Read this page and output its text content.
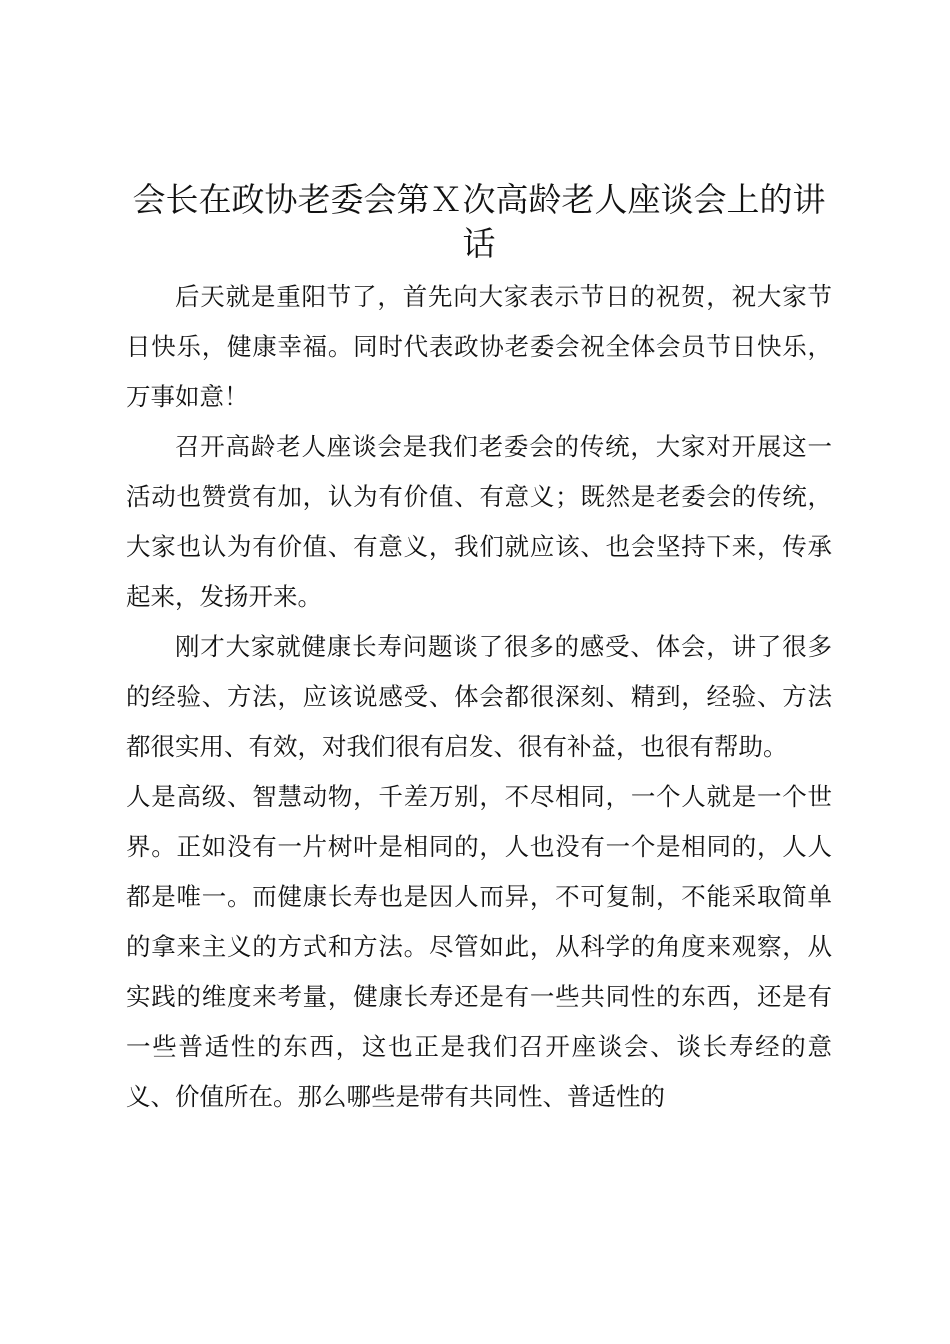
会长在政协老委会第Ｘ次高龄老人座谈会上的讲话

后天就是重阳节了，首先向大家表示节日的祝贺，祝大家节日快乐，健康幸福。同时代表政协老委会祝全体会员节日快乐，万事如意！

召开高龄老人座谈会是我们老委会的传统，大家对开展这一活动也赞赏有加，认为有价值、有意义；既然是老委会的传统，大家也认为有价值、有意义，我们就应该、也会坚持下来，传承起来，发扬开来。

刚才大家就健康长寿问题谈了很多的感受、体会，讲了很多的经验、方法，应该说感受、体会都很深刻、精到，经验、方法都很实用、有效，对我们很有启发、很有补益，也很有帮助。

人是高级、智慧动物，千差万别，不尽相同，一个人就是一个世界。正如没有一片树叶是相同的，人也没有一个是相同的，人人都是唯一。而健康长寿也是因人而异，不可复制，不能采取简单的拿来主义的方式和方法。尽管如此，从科学的角度来观察，从实践的维度来考量，健康长寿还是有一些共同性的东西，还是有一些普适性的东西，这也正是我们召开座谈会、谈长寿经的意义、价值所在。那么哪些是带有共同性、普适性的
